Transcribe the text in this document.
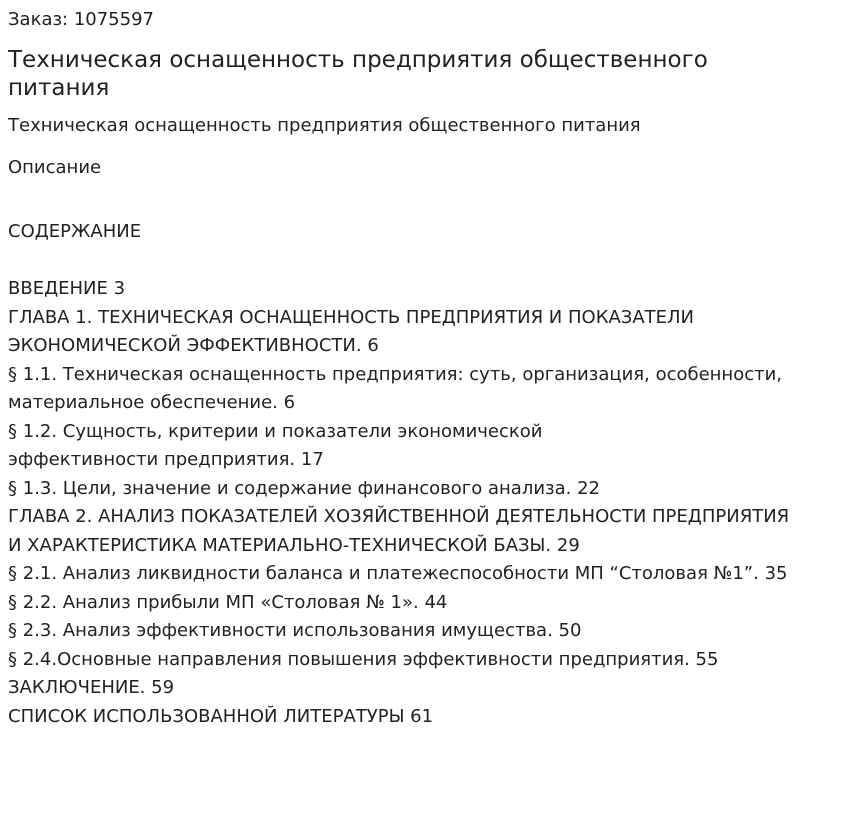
Заказ: 1075597

Техническая оснащенность предприятия общественного питания

Техническая оснащенность предприятия общественного питания

Описание

СОДЕРЖАНИЕ

ВВЕДЕНИЕ 3
ГЛАВА 1. ТЕХНИЧЕСКАЯ ОСНАЩЕННОСТЬ ПРЕДПРИЯТИЯ И ПОКАЗАТЕЛИ
ЭКОНОМИЧЕСКОЙ ЭФФЕКТИВНОСТИ. 6
§ 1.1. Техническая оснащенность предприятия: суть, организация, особенности,
материальное обеспечение. 6
§ 1.2. Сущность, критерии и показатели экономической
эффективности предприятия. 17
§ 1.3. Цели, значение и содержание финансового анализа. 22
ГЛАВА 2. АНАЛИЗ ПОКАЗАТЕЛЕЙ ХОЗЯЙСТВЕННОЙ ДЕЯТЕЛЬНОСТИ ПРЕДПРИЯТИЯ
И ХАРАКТЕРИСТИКА МАТЕРИАЛЬНО-ТЕХНИЧЕСКОЙ БАЗЫ. 29
§ 2.1. Анализ ликвидности баланса и платежеспособности МП “Столовая №1”. 35
§ 2.2. Анализ прибыли МП «Столовая № 1». 44
§ 2.3. Анализ эффективности использования имущества. 50
§ 2.4.Основные направления повышения эффективности предприятия. 55
ЗАКЛЮЧЕНИЕ. 59
СПИСОК ИСПОЛЬЗОВАННОЙ ЛИТЕРАТУРЫ 61
